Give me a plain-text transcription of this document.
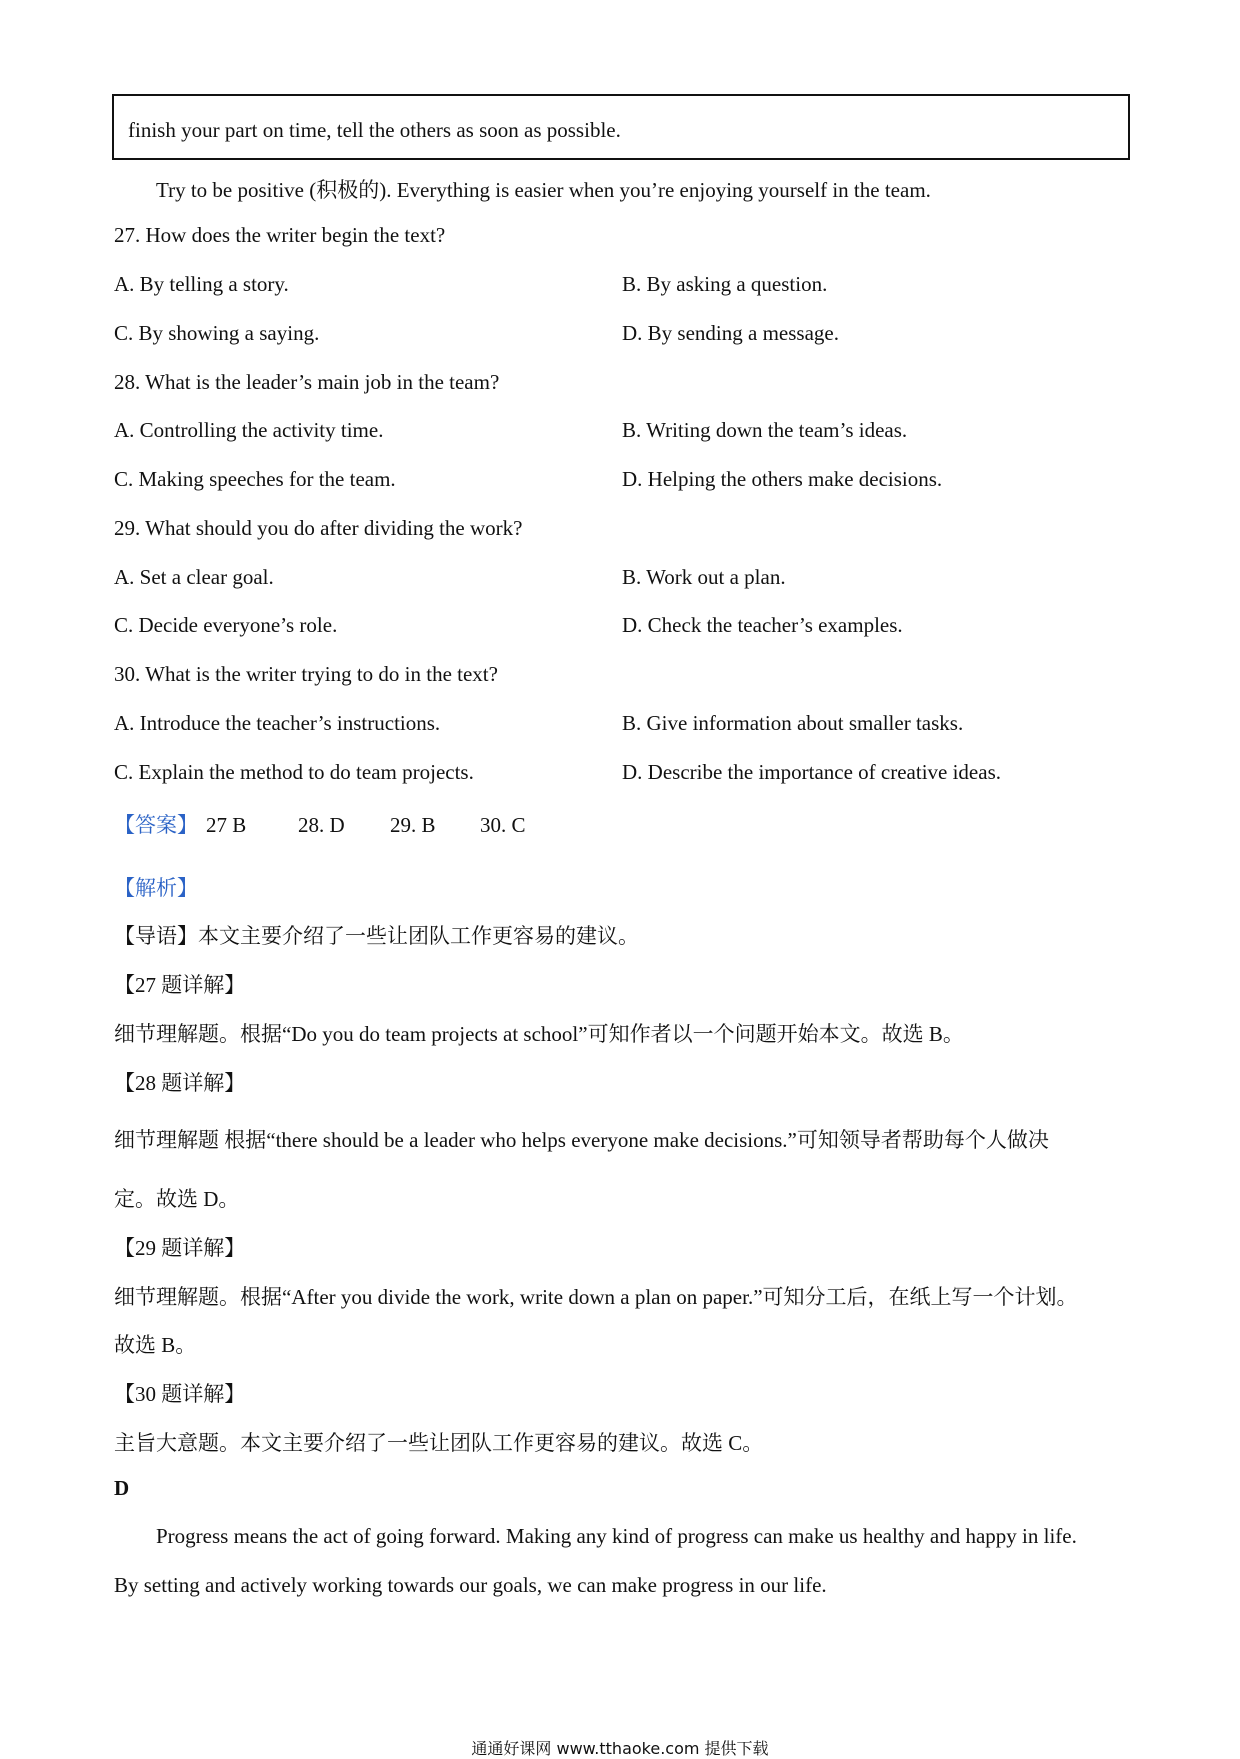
finish your part on time, tell the others as soon as possible.
Try to be positive (积极的). Everything is easier when you’re enjoying yourself in the team.
27. How does the writer begin the text?
A. By telling a story.	B. By asking a question.
C. By showing a saying.	D. By sending a message.
28. What is the leader’s main job in the team?
A. Controlling the activity time.	B. Writing down the team’s ideas.
C. Making speeches for the team.	D. Helping the others make decisions.
29. What should you do after dividing the work?
A. Set a clear goal.	B. Work out a plan.
C. Decide everyone’s role.	D. Check the teacher’s examples.
30. What is the writer trying to do in the text?
A. Introduce the teacher’s instructions.	B. Give information about smaller tasks.
C. Explain the method to do team projects.	D. Describe the importance of creative ideas.
【答案】 27 B 28. D 29. B 30. C
【解析】
【导语】本文主要介绍了一些让团队工作更容易的建议。
【27 题详解】
细节理解题。根据“Do you do team projects at school”可知作者以一个问题开始本文。故选 B。
【28 题详解】
细节理解题 根据“there should be a leader who helps everyone make decisions.”可知领导者帮助每个人做决
定。故选 D。
【29 题详解】
细节理解题。根据“After you divide the work, write down a plan on paper.”可知分工后，在纸上写一个计划。
故选 B。
【30 题详解】
主旨大意题。本文主要介绍了一些让团队工作更容易的建议。故选 C。
D
Progress means the act of going forward. Making any kind of progress can make us healthy and happy in life.
By setting and actively working towards our goals, we can make progress in our life.
通通好课网 www.tthaoke.com 提供下载
